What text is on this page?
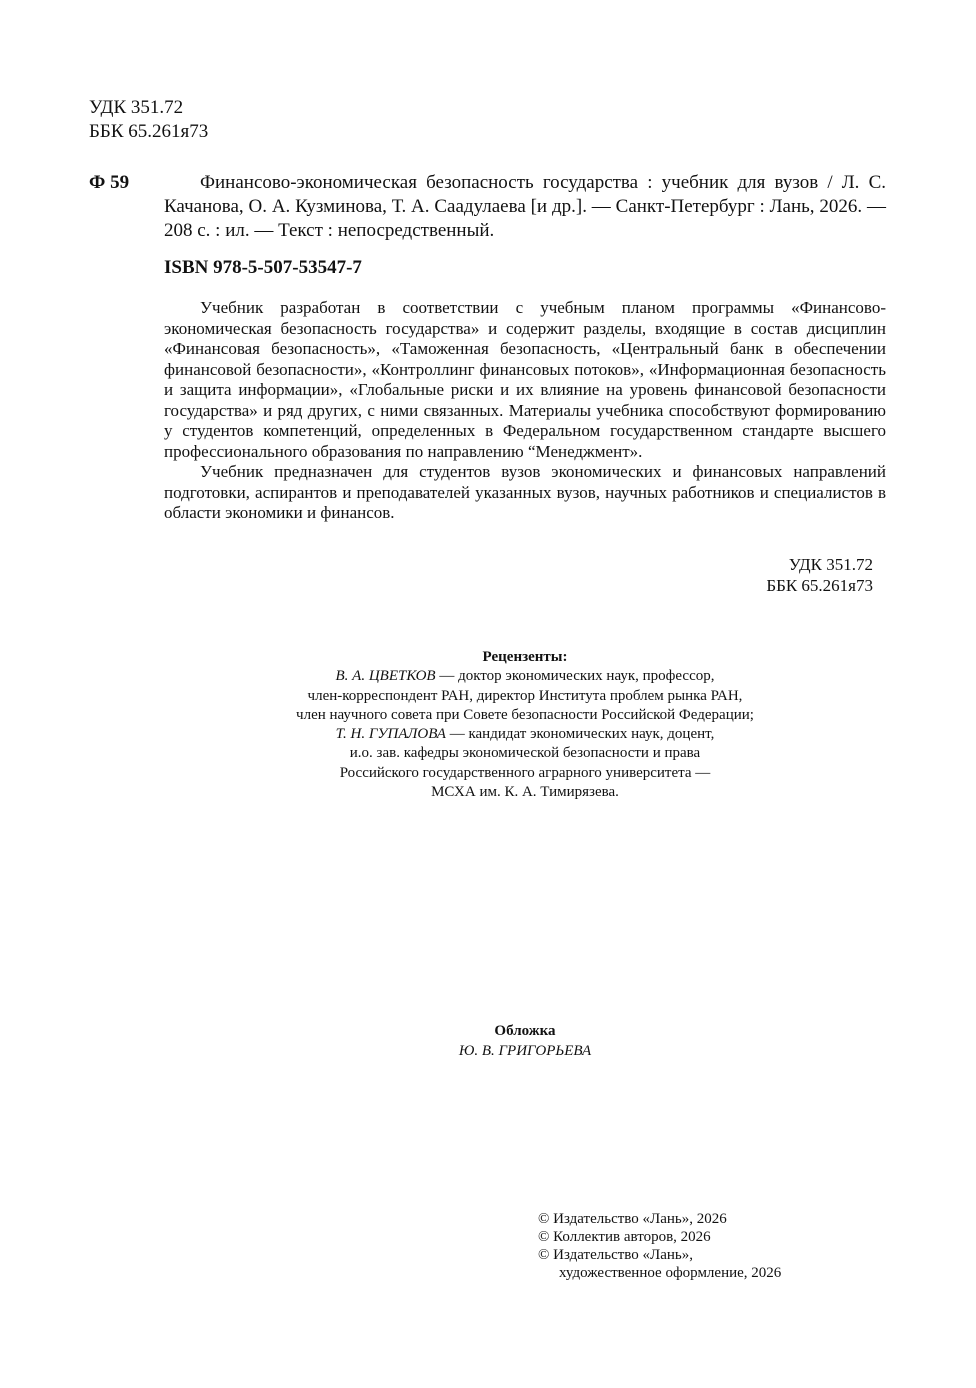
УДК 351.72
ББК 65.261я73
Ф 59	Финансово-экономическая безопасность государства : учебник для вузов / Л. С. Качанова, О. А. Кузминова, Т. А. Саадулаева [и др.]. — Санкт-Петербург : Лань, 2026. — 208 с. : ил. — Текст : непосредственный.
ISBN 978-5-507-53547-7

Учебник разработан в соответствии с учебным планом программы «Финансово-экономическая безопасность государства» и содержит разделы, входящие в состав дисциплин «Финансовая безопасность», «Таможенная безопасность, «Центральный банк в обеспечении финансовой безопасности», «Контроллинг финансовых потоков», «Информационная безопасность и защита информации», «Глобальные риски и их влияние на уровень финансовой безопасности государства» и ряд других, с ними связанных. Материалы учебника способствуют формированию у студентов компетенций, определенных в Федеральном государственном стандарте высшего профессионального образования по направлению “Менеджмент».

Учебник предназначен для студентов вузов экономических и финансовых направлений подготовки, аспирантов и преподавателей указанных вузов, научных работников и специалистов в области экономики и финансов.

УДК 351.72
ББК 65.261я73
Рецензенты:
В. А. ЦВЕТКОВ — доктор экономических наук, профессор,
член-корреспондент РАН, директор Института проблем рынка РАН,
член научного совета при Совете безопасности Российской Федерации;
Т. Н. ГУПАЛОВА — кандидат экономических наук, доцент,
и.о. зав. кафедры экономической безопасности и права
Российского государственного аграрного университета —
МСХА им. К. А. Тимирязева.
Обложка
Ю. В. ГРИГОРЬЕВА
© Издательство «Лань», 2026
© Коллектив авторов, 2026
© Издательство «Лань»,
художественное оформление, 2026
